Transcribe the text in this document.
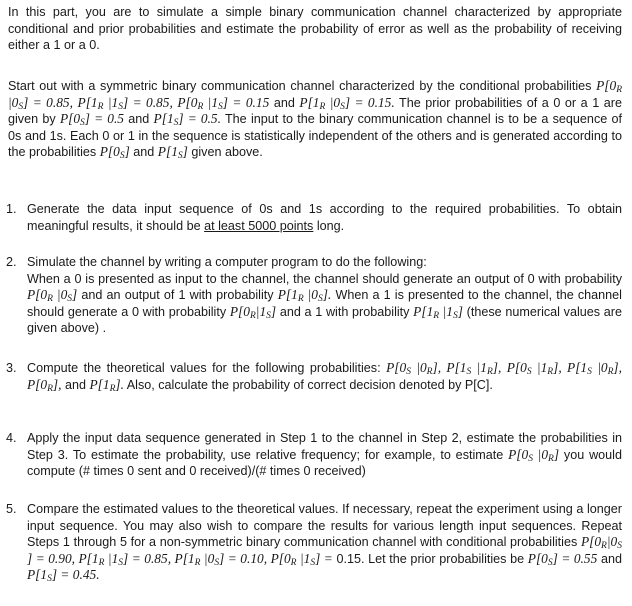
In this part, you are to simulate a simple binary communication channel characterized by appropriate conditional and prior probabilities and estimate the probability of error as well as the probability of receiving either a 1 or a 0.

Start out with a symmetric binary communication channel characterized by the conditional probabilities $P[0_R$ $|0_S] = 0.85$, $P[1_R$ $|1_S] = 0.85$, $P[0_R$ $|1_S] = 0.15$ and $P[1_R$ $|0_S] = 0.15$. The prior probabilities of a 0 or a 1 are given by $P[0_S] = 0.5$ and $P[1_S] = 0.5$. The input to the binary communication channel is to be a sequence of 0s and 1s. Each 0 or 1 in the sequence is statistically independent of the others and is generated according to the probabilities $P[0_S]$ and $P[1_S]$ given above.

1. Generate the data input sequence of 0s and 1s according to the required probabilities. To obtain meaningful results, it should be at least 5000 points long.

2. Simulate the channel by writing a computer program to do the following:
When a 0 is presented as input to the channel, the channel should generate an output of 0 with probability $P[0_R$ $|0_S$] and an output of 1 with probability $P[1_R$ $|0_S$]. When a 1 is presented to the channel, the channel should generate a 0 with probability $P[0_R|1_S]$ and a 1 with probability $P[1_R$ $|1_S$] (these numerical values are given above) .

3. Compute the theoretical values for the following probabilities: $P[0_S$ $|0_R$], $P[1_S$ $|1_R$], $P[0_S$ $|1_R$], $P[1_S$ $|0_R$], $P[0_R]$, and $P[1_R]$. Also, calculate the probability of correct decision denoted by P[C].

4. Apply the input data sequence generated in Step 1 to the channel in Step 2, estimate the probabilities in Step 3. To estimate the probability, use relative frequency; for example, to estimate $P[0_S$ $|0_R$] you would compute (# times 0 sent and 0 received)/(# times 0 received)

5. Compare the estimated values to the theoretical values. If necessary, repeat the experiment using a longer input sequence. You may also wish to compare the results for various length input sequences. Repeat Steps 1 through 5 for a non-symmetric binary communication channel with conditional probabilities $P[0_R|0_S$ ] = 0.90, $P[1_R$ $|1_S] = 0.85$, $P[1_R$ $|0_S] = 0.10$, $P[0_R$ $|1_S] = 0.15$. Let the prior probabilities be $P[0_S] = 0.55$ and $P[1_S] = 0.45$.
